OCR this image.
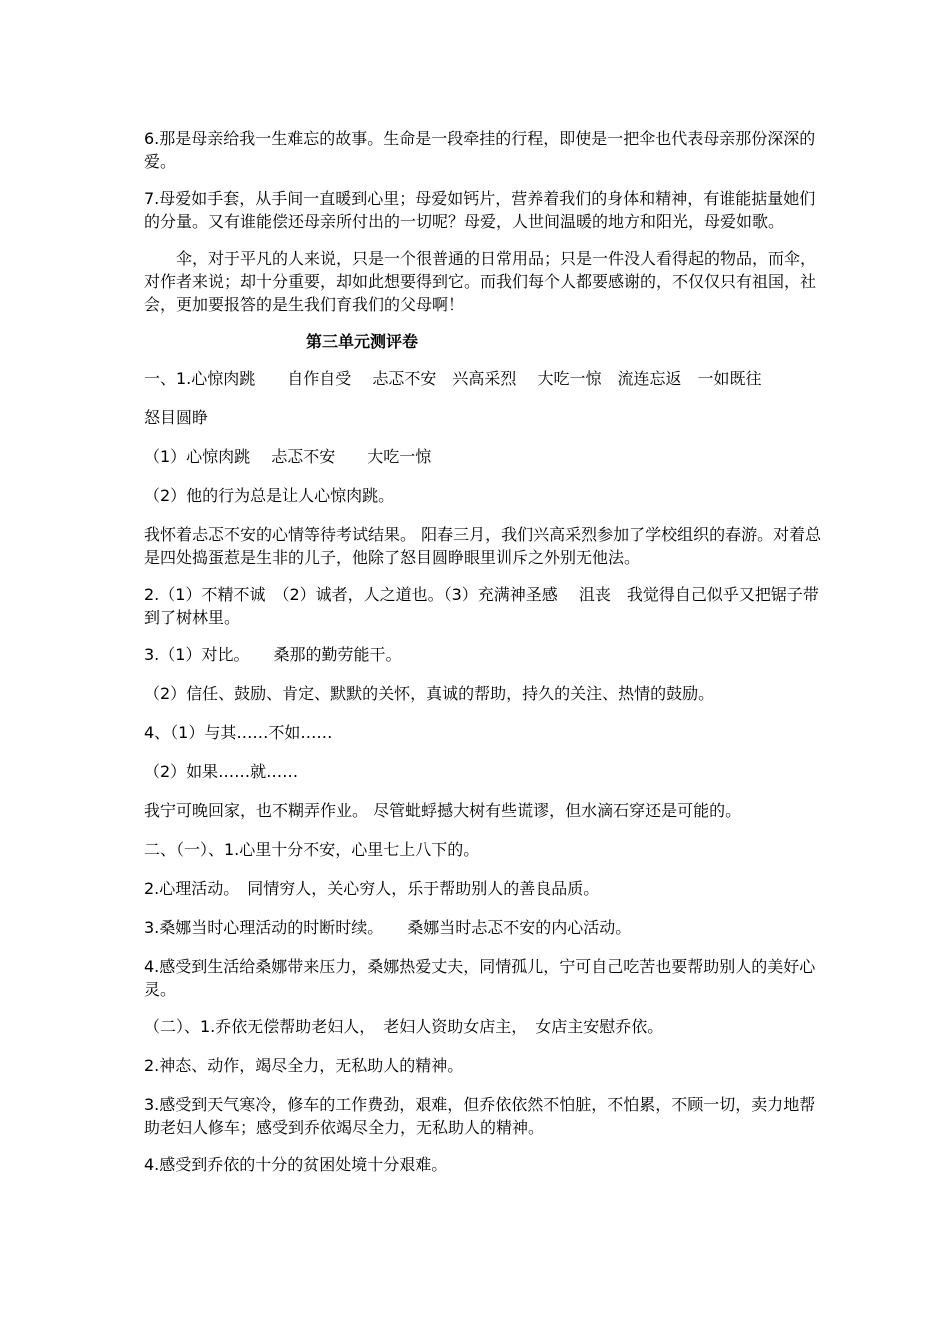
6.那是母亲给我一生难忘的故事。生命是一段牵挂的行程，即使是一把伞也代表母亲那份深深的爱。

7.母爱如手套，从手间一直暖到心里；母爱如钙片，营养着我们的身体和精神，有谁能掂量她们的分量。又有谁能偿还母亲所付出的一切呢？母爱，人世间温暖的地方和阳光，母爱如歌。

伞，对于平凡的人来说，只是一个很普通的日常用品；只是一件没人看得起的物品，而伞，对作者来说；却十分重要，却如此想要得到它。而我们每个人都要感谢的，不仅仅只有祖国，社会，更加要报答的是生我们育我们的父母啊！

第三单元测评卷

一、1.心惊肉跳　　自作自受　 忐忑不安　兴高采烈　 大吃一惊　流连忘返　一如既往

怒目圆睁

（1）心惊肉跳　 忐忑不安　　大吃一惊

（2）他的行为总是让人心惊肉跳。

我怀着忐忑不安的心情等待考试结果。 阳春三月，我们兴高采烈参加了学校组织的春游。对着总是四处捣蛋惹是生非的儿子，他除了怒目圆睁眼里训斥之外别无他法。

2.（1）不精不诚　（2）诚者，人之道也。（3）充满神圣感　 沮丧　我觉得自己似乎又把锯子带到了树林里。

3.（1）对比。　　桑那的勤劳能干。

（2）信任、鼓励、肯定、默默的关怀，真诚的帮助，持久的关注、热情的鼓励。

4、（1）与其……不如……

（2）如果……就……

我宁可晚回家，也不糊弄作业。 尽管蚍蜉撼大树有些谎谬，但水滴石穿还是可能的。

二、（一）、1.心里十分不安，心里七上八下的。

2.心理活动。　同情穷人，关心穷人，乐于帮助别人的善良品质。

3.桑娜当时心理活动的时断时续。　　桑娜当时忐忑不安的内心活动。

4.感受到生活给桑娜带来压力，桑娜热爱丈夫，同情孤儿，宁可自己吃苦也要帮助别人的美好心灵。

（二）、1.乔依无偿帮助老妇人，　老妇人资助女店主，　女店主安慰乔依。

2.神态、动作，竭尽全力，无私助人的精神。

3.感受到天气寒冷，修车的工作费劲，艰难，但乔依依然不怕脏，不怕累，不顾一切，卖力地帮助老妇人修车；感受到乔依竭尽全力，无私助人的精神。

4.感受到乔依的十分的贫困处境十分艰难。
